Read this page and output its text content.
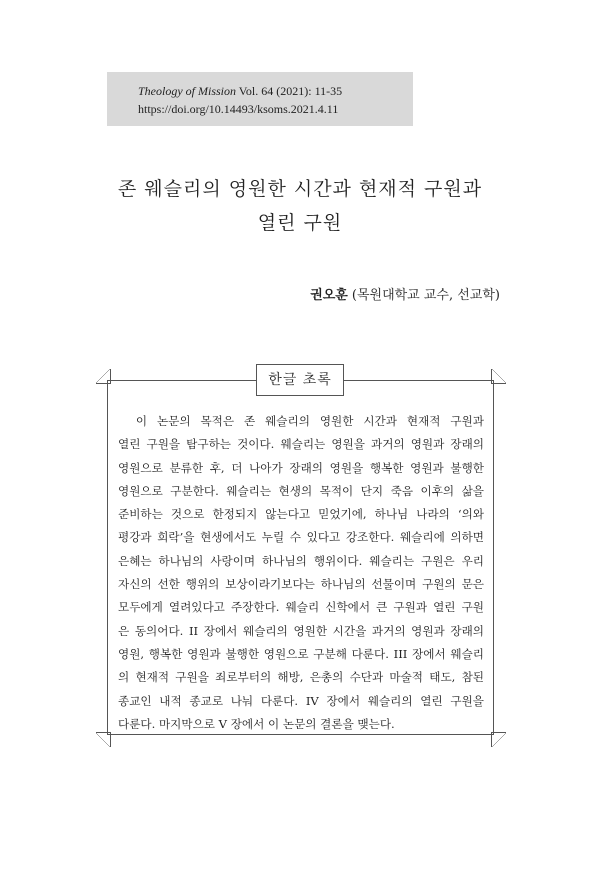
Theology of Mission Vol. 64 (2021): 11-35
https://doi.org/10.14493/ksoms.2021.4.11
존 웨슬리의 영원한 시간과 현재적 구원과
열린 구원
권오훈 (목원대학교 교수, 선교학)
한글 초록
　이 논문의 목적은 존 웨슬리의 영원한 시간과 현재적 구원과
열린 구원을 탐구하는 것이다. 웨슬리는 영원을 과거의 영원과 장래의
영원으로 분류한 후, 더 나아가 장래의 영원을 행복한 영원과 불행한
영원으로 구분한다. 웨슬리는 현생의 목적이 단지 죽음 이후의 삶을
준비하는 것으로 한정되지 않는다고 믿었기에, 하나님 나라의 ‘의와
평강과 희락’을 현생에서도 누릴 수 있다고 강조한다. 웨슬리에 의하면
은혜는 하나님의 사랑이며 하나님의 행위이다. 웨슬리는 구원은 우리
자신의 선한 행위의 보상이라기보다는 하나님의 선물이며 구원의 문은
모두에게 열려있다고 주장한다. 웨슬리 신학에서 큰 구원과 열린 구원
은 동의어다. II 장에서 웨슬리의 영원한 시간을 과거의 영원과 장래의
영원, 행복한 영원과 불행한 영원으로 구분해 다룬다. III 장에서 웨슬리
의 현재적 구원을 죄로부터의 해방, 은총의 수단과 마술적 태도, 참된
종교인 내적 종교로 나눠 다룬다. IV 장에서 웨슬리의 열린 구원을
다룬다. 마지막으로 V 장에서 이 논문의 결론을 맺는다.
